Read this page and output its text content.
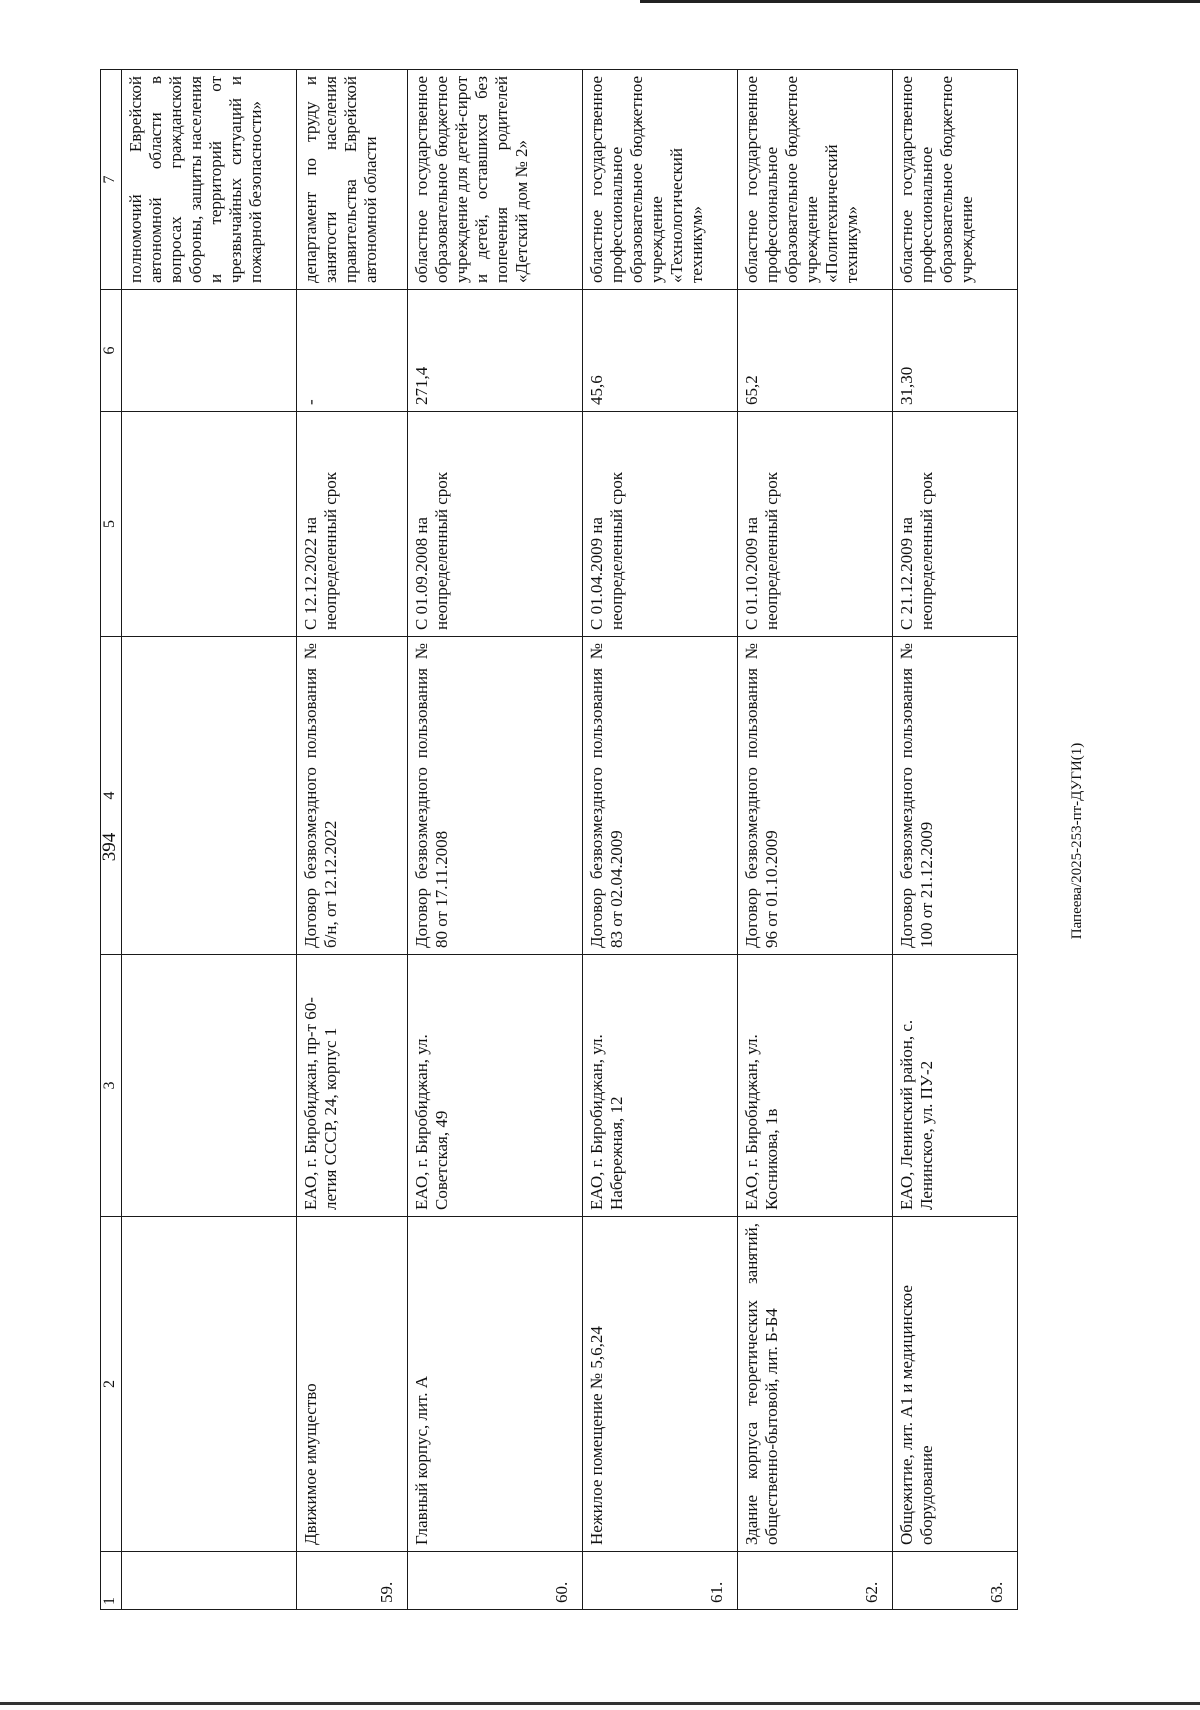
394	Папеева/2025-253-пт-ДУГИ(1)
1	2	3	4	5	6	7
						полномочий Еврейской автономной области в вопросах гражданской обороны, защиты населения и территорий от чрезвычайных ситуаций и пожарной безопасности»
59.	Движимое имущество	ЕАО, г. Биробиджан, пр-т 60-летия СССР, 24, корпус 1	Договор безвозмездного пользования № б/н, от 12.12.2022	С 12.12.2022 на неопределенный срок	-	департамент по труду и занятости населения правительства Еврейской автономной области
60.	Главный корпус, лит. А	ЕАО, г. Биробиджан, ул. Советская, 49	Договор безвозмездного пользования № 80 от 17.11.2008	С 01.09.2008 на неопределенный срок	271,4	областное государственное образовательное бюджетное учреждение для детей-сирот и детей, оставшихся без попечения родителей «Детский дом № 2»
61.	Нежилое помещение № 5,6,24	ЕАО, г. Биробиджан, ул. Набережная, 12	Договор безвозмездного пользования № 83 от 02.04.2009	С 01.04.2009 на неопределенный срок	45,6	областное государственное профессиональное образовательное бюджетное учреждение «Технологический техникум»
62.	Здание корпуса теоретических занятий, общественно-бытовой, лит. Б-Б4	ЕАО, г. Биробиджан, ул. Косникова, 1в	Договор безвозмездного пользования № 96 от 01.10.2009	С 01.10.2009 на неопределенный срок	65,2	областное государственное профессиональное образовательное бюджетное учреждение «Политехнический техникум»
63.	Общежитие, лит. А1 и медицинское оборудование	ЕАО, Ленинский район, с. Ленинское, ул. ПУ-2	Договор безвозмездного пользования № 100 от 21.12.2009	С 21.12.2009 на неопределенный срок	31,30	областное государственное профессиональное образовательное бюджетное учреждение
